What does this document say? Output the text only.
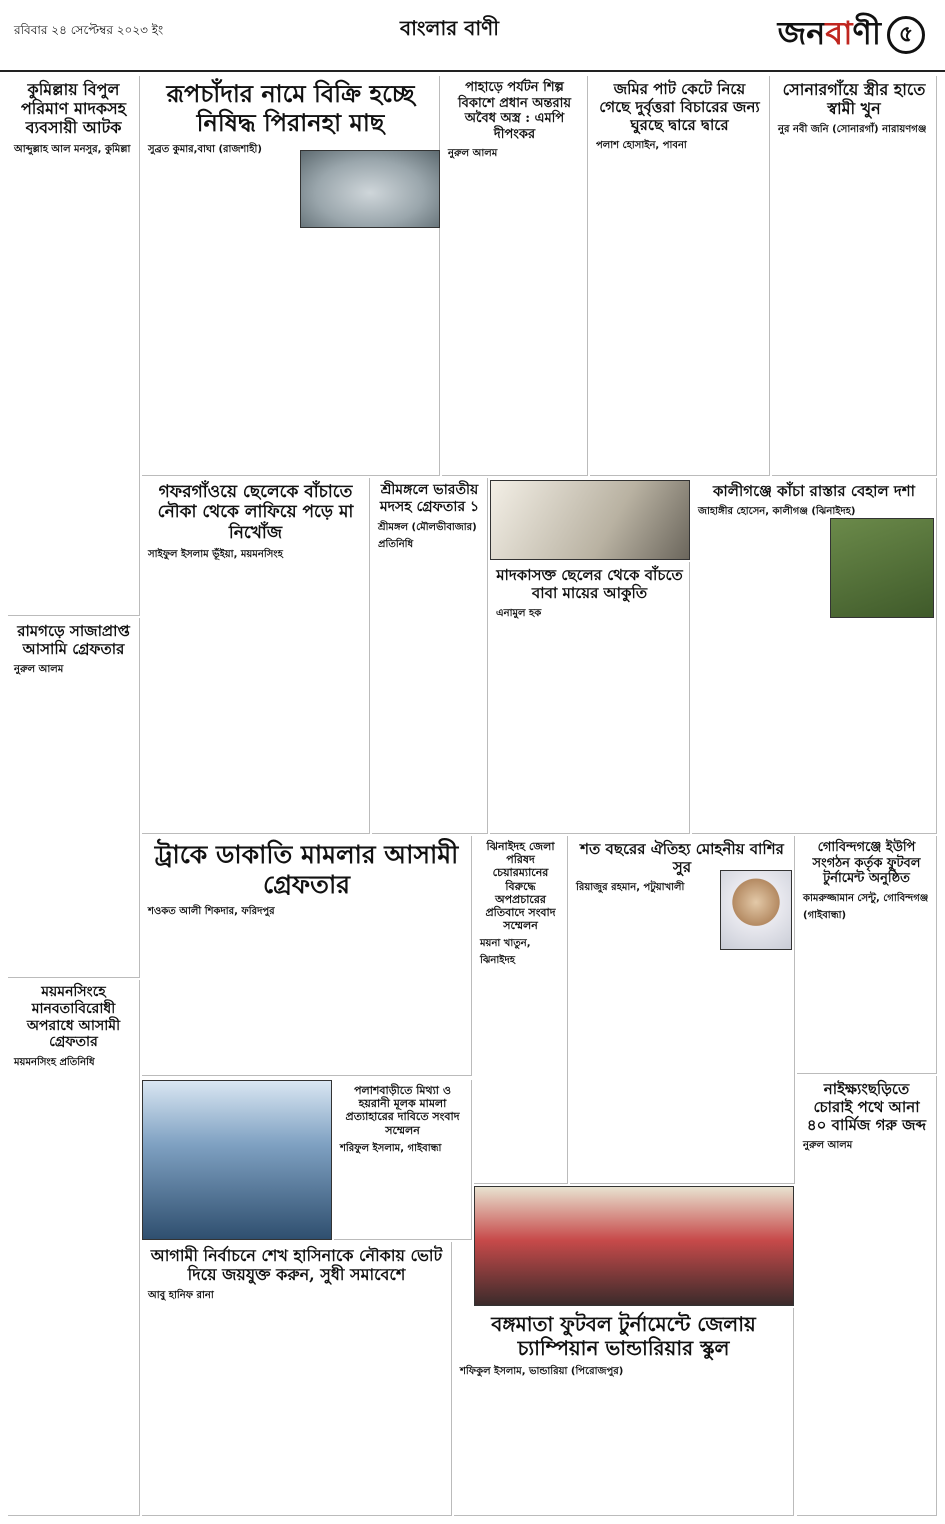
রবিবার ২৪ সেপ্টেম্বর ২০২৩ ইং	বাংলার বাণী	জনবাণী ৫
কুমিল্লায় বিপুল পরিমাণ মাদকসহ ব্যবসায়ী আটক
আব্দুল্লাহ আল মনসুর, কুমিল্লা
রূপচাঁদার নামে বিক্রি হচ্ছে নিষিদ্ধ পিরানহা মাছ
সুব্রত কুমার,বাঘা (রাজশাহী)
পাহাড়ে পর্যটন শিল্প বিকাশে প্রধান অন্তরায় অবৈধ অস্ত্র : এমপি দীপংকর
নুরুল আলম
জমির পাট কেটে নিয়ে গেছে দুর্বৃত্তরা বিচারের জন্য ঘুরছে দ্বারে দ্বারে
পলাশ হোসাইন, পাবনা
সোনারগাঁয়ে স্ত্রীর হাতে স্বামী খুন
নুর নবী জনি (সোনারগাঁ) নারায়ণগঞ্জ
গফরগাঁওয়ে ছেলেকে বাঁচাতে নৌকা থেকে লাফিয়ে পড়ে মা নিখোঁজ
সাইফুল ইসলাম ভূঁইয়া, ময়মনসিংহ
শ্রীমঙ্গলে ভারতীয় মদসহ গ্রেফতার ১
শ্রীমঙ্গল (মৌলভীবাজার) প্রতিনিধি
মাদকাসক্ত ছেলের থেকে বাঁচতে বাবা মায়ের আকুতি
এনামুল হক
কালীগঞ্জে কাঁচা রাস্তার বেহাল দশা
জাহাঙ্গীর হোসেন, কালীগঞ্জ (ঝিনাইদহ)
রামগড়ে সাজাপ্রাপ্ত আসামি গ্রেফতার
নুরুল আলম
ট্রাকে ডাকাতি মামলার আসামী গ্রেফতার
শওকত আলী শিকদার, ফরিদপুর
ঝিনাইদহ জেলা পরিষদ চেয়ারম্যানের বিরুদ্ধে অপপ্রচারের প্রতিবাদে সংবাদ সম্মেলন
ময়না খাতুন, ঝিনাইদহ
শত বছরের ঐতিহ্য মোহনীয় বাশির সুর
রিয়াজুর রহমান, পটুয়াখালী
গোবিন্দগঞ্জে ইউপি সংগঠন কর্তৃক ফুটবল টুর্নামেন্ট অনুষ্ঠিত
কামরুজ্জামান সেন্টু, গোবিন্দগঞ্জ (গাইবান্ধা)
ময়মনসিংহে মানবতাবিরোধী অপরাধে আসামী গ্রেফতার
ময়মনসিংহ প্রতিনিধি
আগামী নির্বাচনে শেখ হাসিনাকে নৌকায় ভোট দিয়ে জয়যুক্ত করুন, সুধী সমাবেশে
আবু হানিফ রানা
পলাশবাড়ীতে মিথ্যা ও হয়রানী মূলক মামলা প্রত্যাহারের দাবিতে সংবাদ সম্মেলন
শরিফুল ইসলাম, গাইবান্ধা
বঙ্গমাতা ফুটবল টুর্নামেন্টে জেলায় চ্যাম্পিয়ান ভান্ডারিয়ার স্কুল
শফিকুল ইসলাম, ভান্ডারিয়া (পিরোজপুর)
নাইক্ষ্যংছড়িতে চোরাই পথে আনা ৪০ বার্মিজ গরু জব্দ
নুরুল আলম
